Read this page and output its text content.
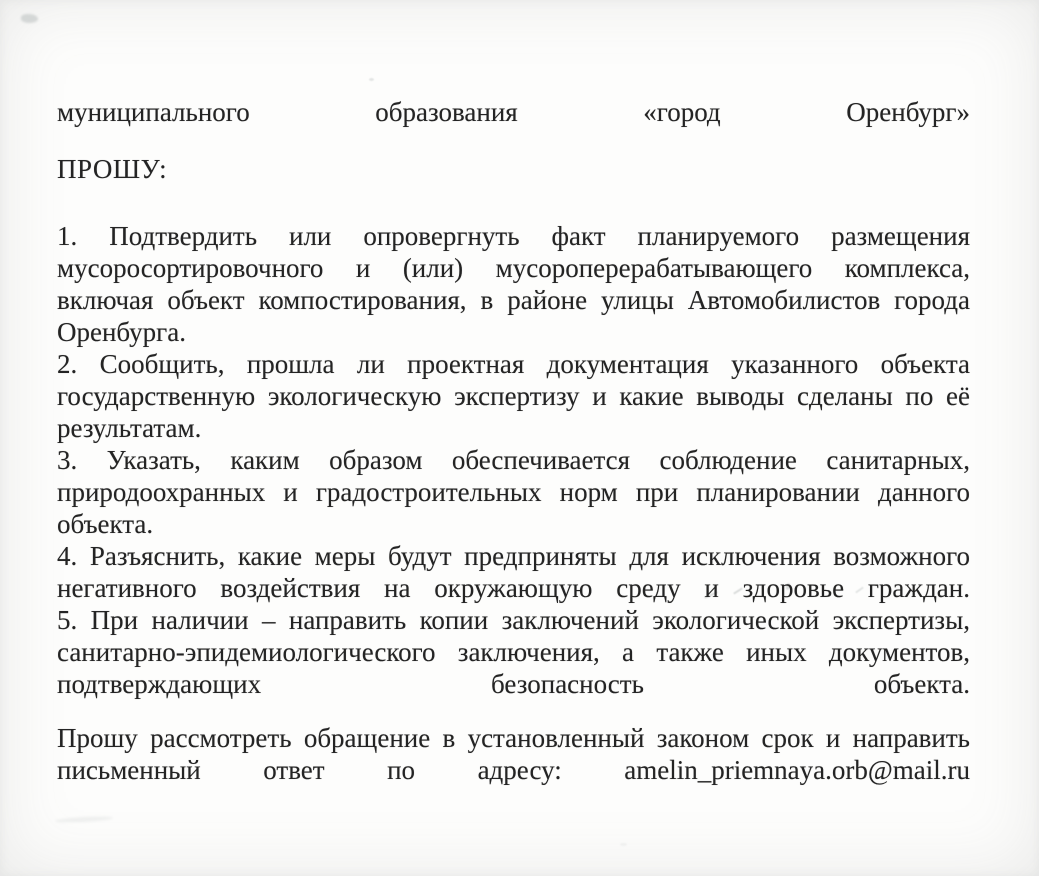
муниципального образования «город Оренбург»
ПРОШУ:
1. Подтвердить или опровергнуть факт планируемого размещения
мусоросортировочного и (или) мусороперерабатывающего комплекса,
включая объект компостирования, в районе улицы Автомобилистов города
Оренбурга.
2. Сообщить, прошла ли проектная документация указанного объекта
государственную экологическую экспертизу и какие выводы сделаны по её
результатам.
3. Указать, каким образом обеспечивается соблюдение санитарных,
природоохранных и градостроительных норм при планировании данного
объекта.
4. Разъяснить, какие меры будут предприняты для исключения возможного
негативного воздействия на окружающую среду и здоровье граждан.
5. При наличии – направить копии заключений экологической экспертизы,
санитарно-эпидемиологического заключения, а также иных документов,
подтверждающих безопасность объекта.
Прошу рассмотреть обращение в установленный законом срок и направить
письменный ответ по адресу: amelin_priemnaya.orb@mail.ru
